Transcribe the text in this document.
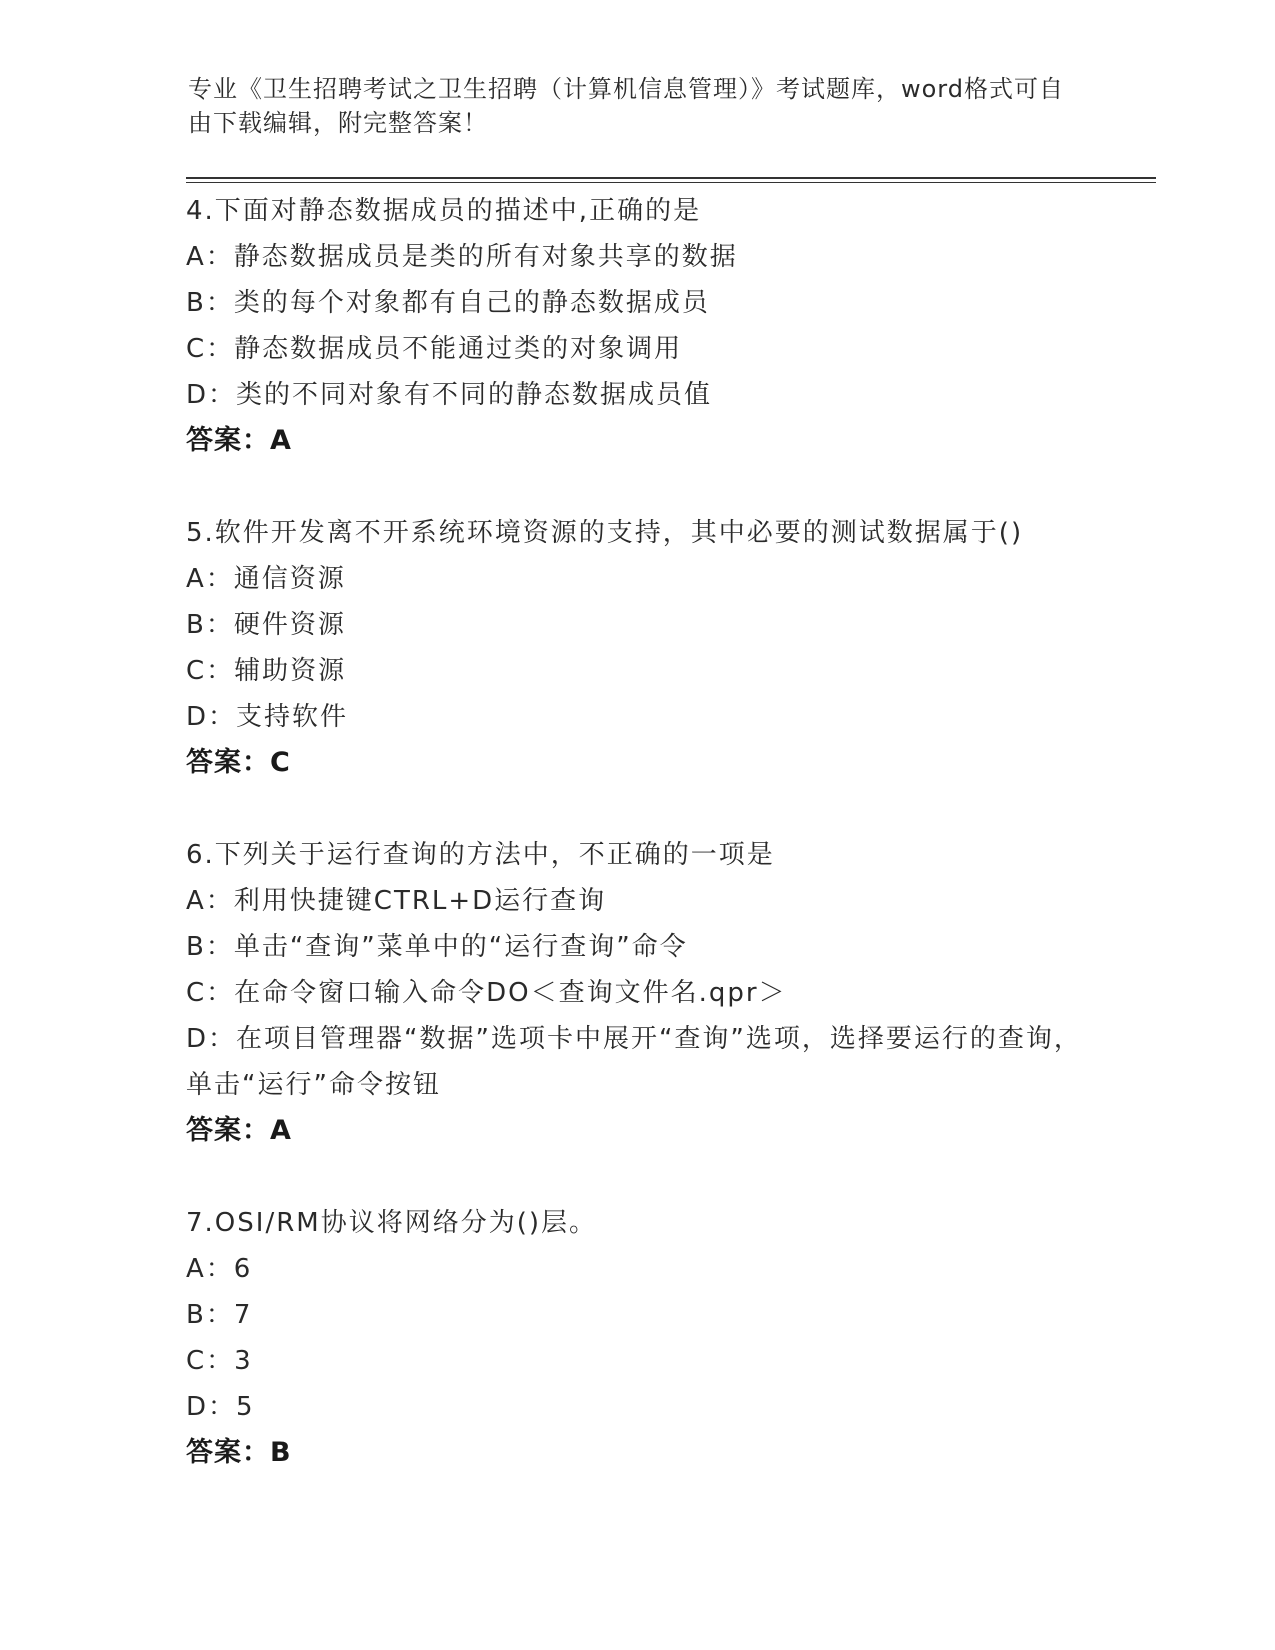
专业《卫生招聘考试之卫生招聘（计算机信息管理）》考试题库，word格式可自
由下载编辑，附完整答案！
4.下面对静态数据成员的描述中,正确的是
A：静态数据成员是类的所有对象共享的数据
B：类的每个对象都有自己的静态数据成员
C：静态数据成员不能通过类的对象调用
D：类的不同对象有不同的静态数据成员值
答案：A
5.软件开发离不开系统环境资源的支持，其中必要的测试数据属于()
A：通信资源
B：硬件资源
C：辅助资源
D：支持软件
答案：C
6.下列关于运行查询的方法中，不正确的一项是
A：利用快捷键CTRL+D运行查询
B：单击“查询”菜单中的“运行查询”命令
C：在命令窗口输入命令DO＜查询文件名.qpr＞
D：在项目管理器“数据”选项卡中展开“查询”选项，选择要运行的查询，单击“运行”命令按钮
答案：A
7.OSI/RM协议将网络分为()层。
A：6
B：7
C：3
D：5
答案：B
